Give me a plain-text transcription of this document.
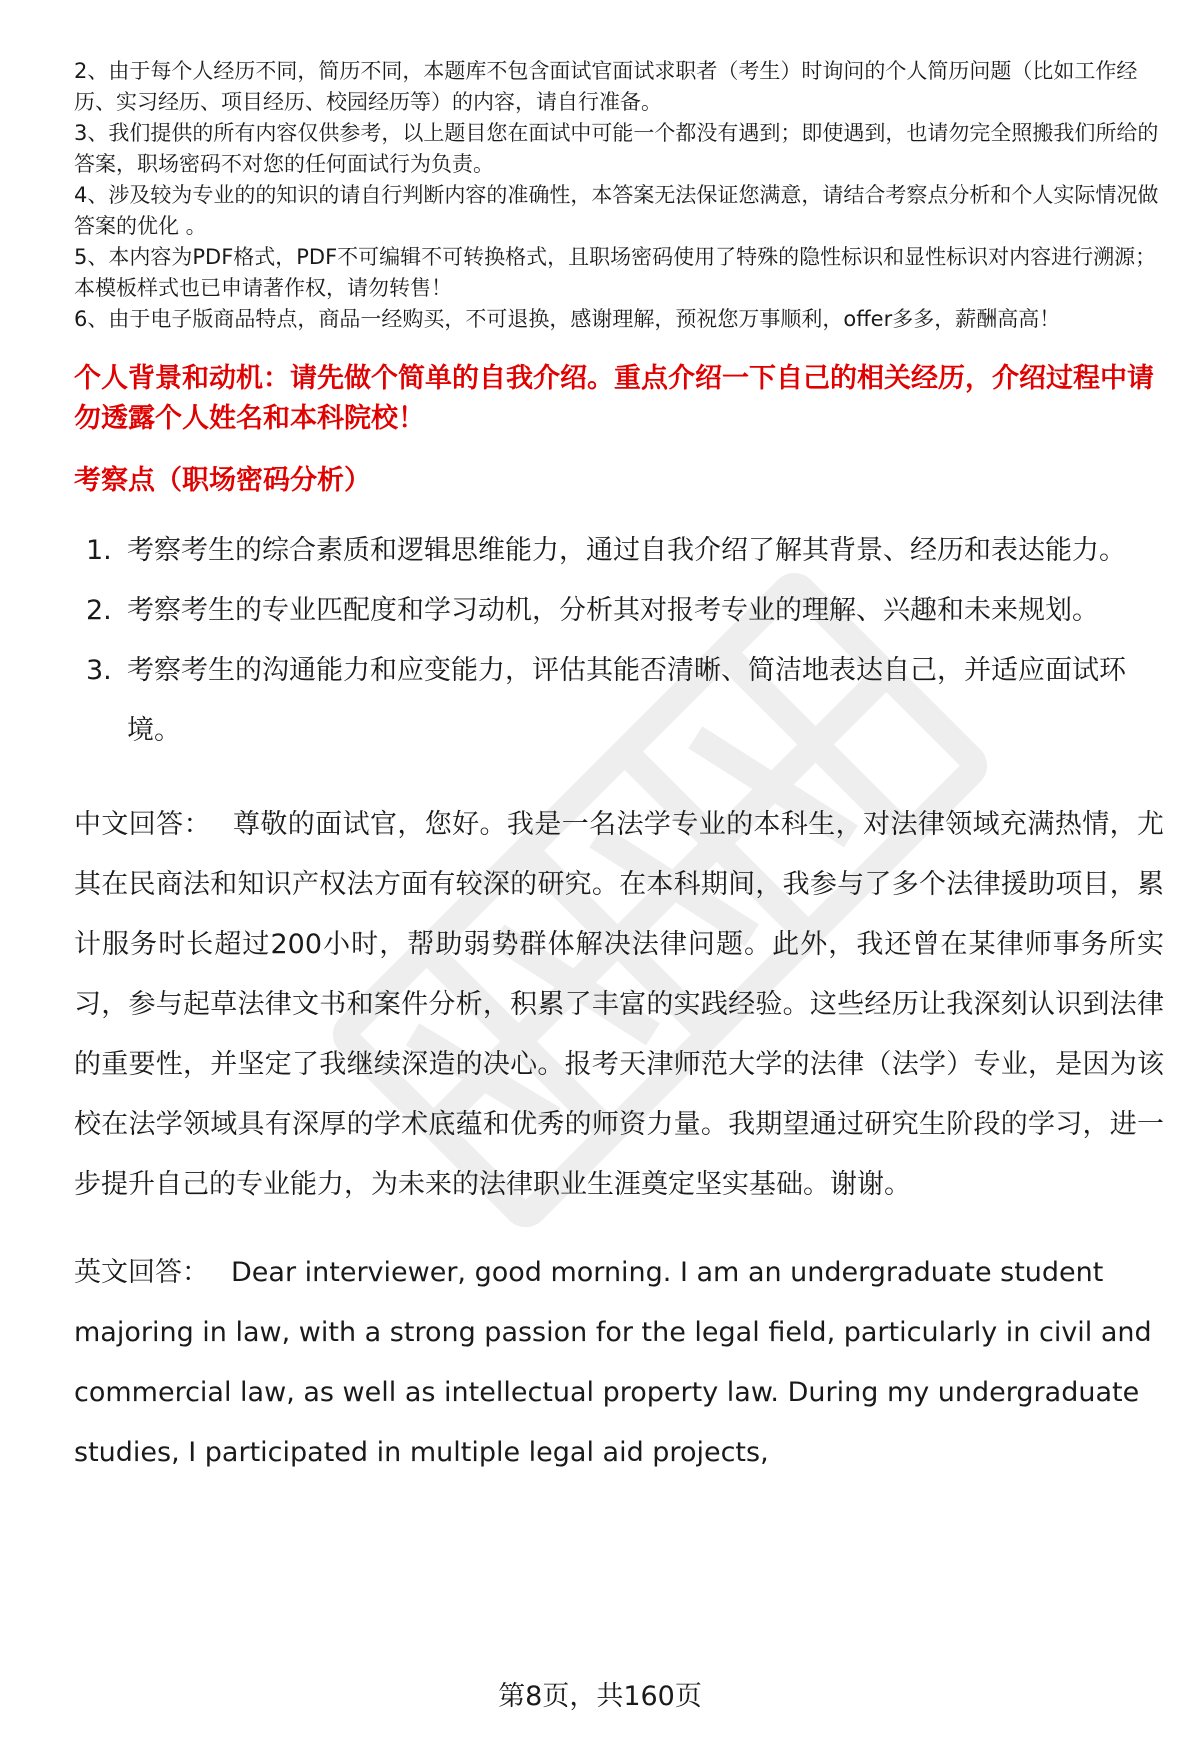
2、由于每个人经历不同，简历不同，本题库不包含面试官面试求职者（考生）时询问的个人简历问题（比如工作经历、实习经历、项目经历、校园经历等）的内容，请自行准备。

3、我们提供的所有内容仅供参考，以上题目您在面试中可能一个都没有遇到；即使遇到，也请勿完全照搬我们所给的答案，职场密码不对您的任何面试行为负责。

4、涉及较为专业的的知识的请自行判断内容的准确性，本答案无法保证您满意，请结合考察点分析和个人实际情况做答案的优化 。

5、本内容为PDF格式，PDF不可编辑不可转换格式，且职场密码使用了特殊的隐性标识和显性标识对内容进行溯源；本模板样式也已申请著作权，请勿转售！

6、由于电子版商品特点，商品一经购买，不可退换，感谢理解，预祝您万事顺利，offer多多，薪酬高高！

个人背景和动机：请先做个简单的自我介绍。重点介绍一下自己的相关经历，介绍过程中请勿透露个人姓名和本科院校！
考察点（职场密码分析）
1. 考察考生的综合素质和逻辑思维能力，通过自我介绍了解其背景、经历和表达能力。
2. 考察考生的专业匹配度和学习动机，分析其对报考专业的理解、兴趣和未来规划。
3. 考察考生的沟通能力和应变能力，评估其能否清晰、简洁地表达自己，并适应面试环境。
中文回答： 尊敬的面试官，您好。我是一名法学专业的本科生，对法律领域充满热情，尤其在民商法和知识产权法方面有较深的研究。在本科期间，我参与了多个法律援助项目，累计服务时长超过200小时，帮助弱势群体解决法律问题。此外，我还曾在某律师事务所实习，参与起草法律文书和案件分析，积累了丰富的实践经验。这些经历让我深刻认识到法律的重要性，并坚定了我继续深造的决心。报考天津师范大学的法律（法学）专业，是因为该校在法学领域具有深厚的学术底蕴和优秀的师资力量。我期望通过研究生阶段的学习，进一步提升自己的专业能力，为未来的法律职业生涯奠定坚实基础。谢谢。
英文回答： Dear interviewer, good morning. I am an undergraduate student majoring in law, with a strong passion for the legal field, particularly in civil and commercial law, as well as intellectual property law. During my undergraduate studies, I participated in multiple legal aid projects,
第8页，共160页
